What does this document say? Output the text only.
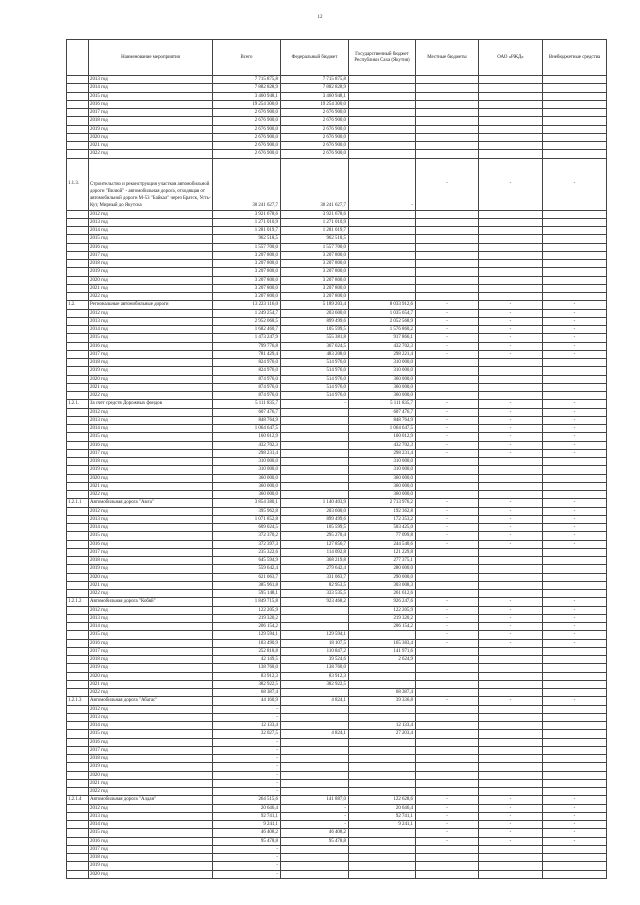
12
	Наименование мероприятия	Всего	Федеральный бюджет	Государственный бюджет Республики Саха (Якутия)	Местные бюджеты	ОАО «РЖД»	Внебюджетные средства
	2013 год	7 715 875,8	7 715 875,8				
	2014 год	7 882 828,9	7 882 828,9				
	2015 год	3 460 948,1	3 460 948,1				
	2016 год	19 254 300,0	19 254 300,0				
	2017 год	2 676 900,0	2 676 900,0				
	2018 год	2 676 900,0	2 676 900,0				
	2019 год	2 676 900,0	2 676 900,0				
	2020 год	2 676 900,0	2 676 900,0				
	2021 год	2 676 900,0	2 676 900,0				
	2022 год	2 676 900,0	2 676 900,0				
1.1.3.	Строительство и реконструкция участков автомобильной дороги "Вилюй" - автомобильная дорога, отходящая от автомобильной дороги М-53 "Байкал" через Братск, Усть-Кут, Мирный до Якутска	30 241 627,7	30 241 627,7	-	-	-	-
	2012 год	3 921 678,6	3 921 678,6				
	2013 год	1 271 010,9	1 271 010,9				
	2014 год	1 281 019,7	1 281 019,7				
	2015 год	962 518,5	962 518,5				
	2016 год	1 557 700,0	1 557 700,0				
	2017 год	3 207 800,0	3 207 800,0				
	2018 год	3 207 800,0	3 207 800,0				
	2019 год	3 207 800,0	3 207 800,0				
	2020 год	3 207 800,0	3 207 800,0				
	2021 год	3 207 800,0	3 207 800,0				
	2022 год	3 207 800,0	3 207 800,0				
1.2.	Региональные автомобильные дороги	13 223 116,0	5 189 203,4	8 033 912,6	-	-	-
	2012 год	1 249 254,7	203 600,0	1 035 654,7	-	-	-
	2013 год	2 952 068,5	899 499,6	2 052 568,9	-	-	-
	2014 год	1 682 460,7	105 599,5	1 576 860,2	-	-	-
	2015 год	1 473 247,9	555 381,8	917 866,1	-	-	-
	2016 год	799 776,8	367 024,5	432 702,3	-	-	-
	2017 год	781 429,4	483 208,0	298 221,4	-	-	-
	2018 год	824 976,0	514 976,0	310 000,0			
	2019 год	824 976,0	514 976,0	310 000,0			
	2020 год	874 976,0	514 976,0	360 000,0			
	2021 год	874 976,0	514 976,0	360 000,0			
	2022 год	874 976,0	514 976,0	360 000,0			
1.2.1.	За счет средств Дорожных фондов	5 111 835,7	-	5 111 835,7	-	-	-
	2012 год	607 476,7		607 476,7	-	-	-
	2013 год	848 764,9		848 764,9	-	-	-
	2014 год	1 064 647,5		1 064 647,5	-	-	-
	2015 год	160 012,9		160 012,9	-	-	-
	2016 год	432 702,3		432 702,3	-	-	-
	2017 год	298 231,4		298 231,4	-	-	-
	2018 год	310 000,0		310 000,0			
	2019 год	310 000,0		310 000,0			
	2020 год	360 000,0		360 000,0			
	2021 год	360 000,0		360 000,0			
	2022 год	360 000,0		360 000,0			
1.2.1.1	Автомобильная дорога "Амга"	3 854 380,1	1 140 403,9	2 713 976,2	-	-	-
	2012 год	395 962,8	203 600,0	192 362,8	-	-	-
	2013 год	1 071 852,8	899 499,6	172 353,2	-	-	-
	2014 год	609 024,5	105 599,5	503 425,0	-	-	-
	2015 год	372 370,2	295 270,4	77 099,8	-	-	-
	2016 год	372 397,3	127 856,7	244 540,6	-	-	-
	2017 год	235 322,6	114 092,8	121 229,8			
	2018 год	645 594,9	368 219,8	277 375,1			
	2019 год	559 642,4	279 642,4	280 000,0			
	2020 год	621 063,7	331 063,7	290 000,0			
	2021 год	385 961,8	82 953,5	303 008,3			
	2022 год	595 148,1	333 535,5	261 612,6			
1.2.1.2	Автомобильная дорога "Кобяй"	1 849 715,8	923 468,2	926 247,6	-	-	-
	2012 год	122 205,9		122 205,9	-	-	-
	2013 год	219 320,2		219 320,2	-	-	-
	2014 год	206 154,2		206 154,2	-	-	-
	2015 год	129 594,1	129 594,1		-	-	-
	2016 год	183 490,9	18 107,5	165 383,4	-	-	-
	2017 год	252 818,8	110 847,2	141 971,6			
	2018 год	42 149,5	39 524,6	2 624,9			
	2019 год	138 760,0	138 760,0				
	2020 год	83 912,3	83 912,3				
	2021 год	382 922,5	382 922,5				
	2022 год	68 387,4		68 387,4			
1.2.1.3	Автомобильная дорога "Абагас"	44 160,9	4 824,1	39 336,8	-	-	-
	2012 год	-					
	2013 год	-					
	2014 год	12 133,4		12 133,4			
	2015 год	32 027,5	4 824,1	27 203,4			
	2016 год	-					
	2017 год	-					
	2018 год	-					
	2019 год	-					
	2020 год	-					
	2021 год	-					
	2022 год	-					
1.2.1.4	Автомобильная дорога "Алдан"	264 515,6	141 887,0	122 628,6	-	-	-
	2012 год	20 646,4	-	20 646,4	-	-	-
	2013 год	92 741,1	-	92 741,1	-	-	-
	2014 год	9 241,1	-	9 241,1	-	-	-
	2015 год	46 408,2	46 408,2		-	-	-
	2016 год	95 478,8	95 478,8		-	-	-
	2017 год	-					
	2018 год	-					
	2019 год	-					
	2020 год	-					
